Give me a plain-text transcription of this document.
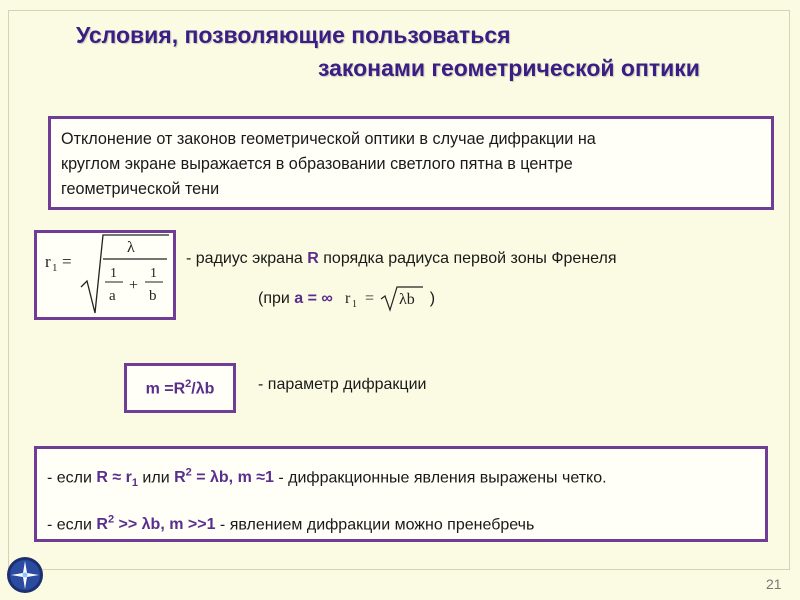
Условия, позволяющие пользоваться
законами геометрической оптики

Отклонение от законов геометрической оптики в случае дифракции на

круглом экране выражается в образовании светлого пятна в центре

геометрической тени

r 1 =
λ
1
a
+
1
b
- радиус экрана R порядка радиуса первой зоны Френеля
(при a = ∞ r 1 = λb )
$m =R^2/\lambda b$	- параметр дифракции

- если $R \approx r_1$ или $R^2 = \lambda b$, m ≈1 - дифракционные явления выражены четко.

- если $R^2 >> \lambda b$, m >>1 - явлением дифракции можно пренебречь

21
